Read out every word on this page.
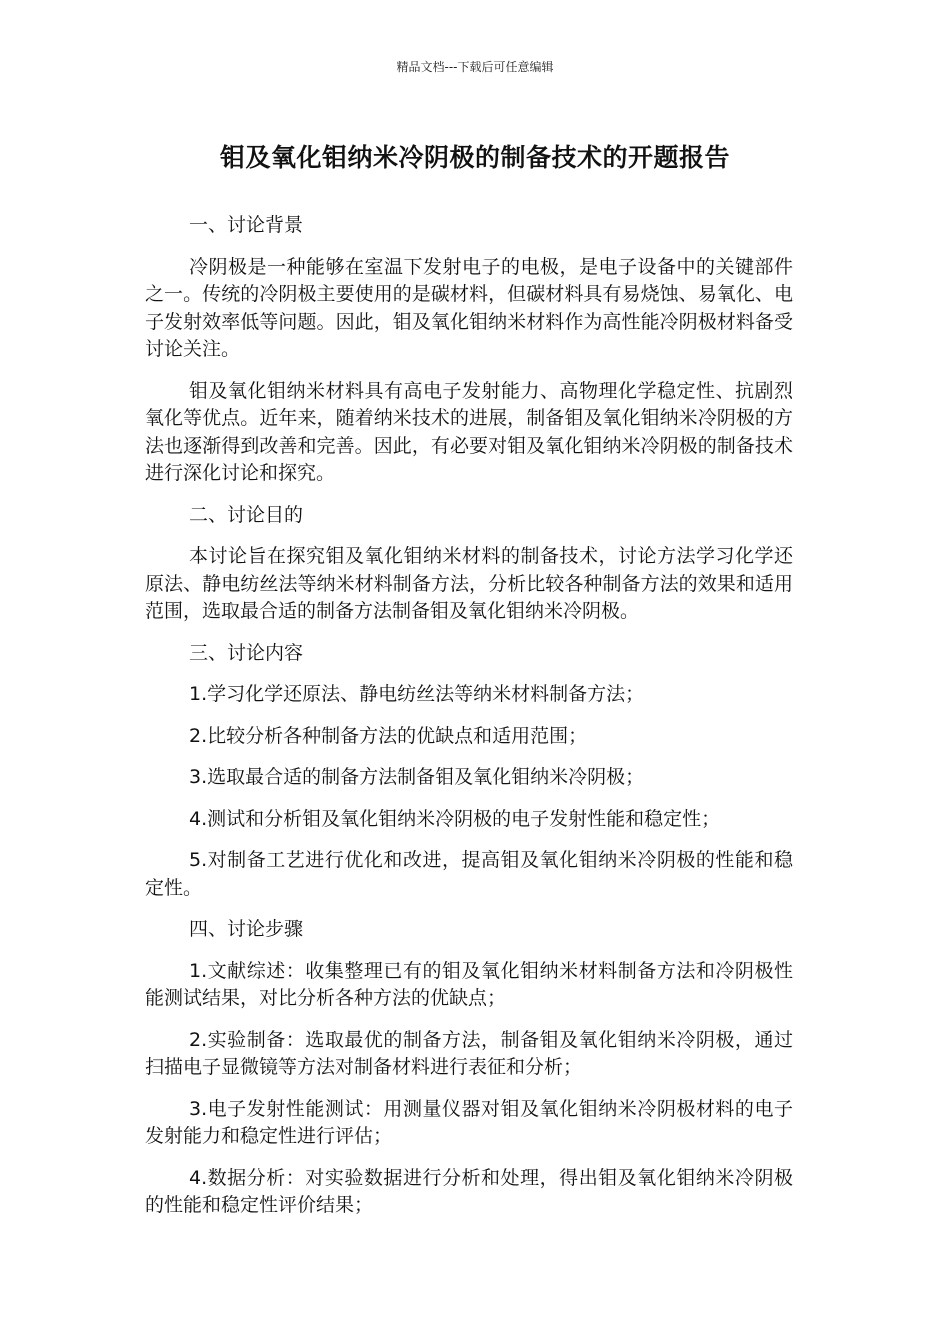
精品文档---下载后可任意编辑
钼及氧化钼纳米冷阴极的制备技术的开题报告

一、讨论背景

冷阴极是一种能够在室温下发射电子的电极，是电子设备中的关键部件之一。传统的冷阴极主要使用的是碳材料，但碳材料具有易烧蚀、易氧化、电子发射效率低等问题。因此，钼及氧化钼纳米材料作为高性能冷阴极材料备受讨论关注。

钼及氧化钼纳米材料具有高电子发射能力、高物理化学稳定性、抗剧烈氧化等优点。近年来，随着纳米技术的进展，制备钼及氧化钼纳米冷阴极的方法也逐渐得到改善和完善。因此，有必要对钼及氧化钼纳米冷阴极的制备技术进行深化讨论和探究。

二、讨论目的

本讨论旨在探究钼及氧化钼纳米材料的制备技术，讨论方法学习化学还原法、静电纺丝法等纳米材料制备方法，分析比较各种制备方法的效果和适用范围，选取最合适的制备方法制备钼及氧化钼纳米冷阴极。

三、讨论内容

1.学习化学还原法、静电纺丝法等纳米材料制备方法；

2.比较分析各种制备方法的优缺点和适用范围；

3.选取最合适的制备方法制备钼及氧化钼纳米冷阴极；

4.测试和分析钼及氧化钼纳米冷阴极的电子发射性能和稳定性；

5.对制备工艺进行优化和改进，提高钼及氧化钼纳米冷阴极的性能和稳定性。

四、讨论步骤

1.文献综述：收集整理已有的钼及氧化钼纳米材料制备方法和冷阴极性能测试结果，对比分析各种方法的优缺点；

2.实验制备：选取最优的制备方法，制备钼及氧化钼纳米冷阴极，通过扫描电子显微镜等方法对制备材料进行表征和分析；

3.电子发射性能测试：用测量仪器对钼及氧化钼纳米冷阴极材料的电子发射能力和稳定性进行评估；

4.数据分析：对实验数据进行分析和处理，得出钼及氧化钼纳米冷阴极的性能和稳定性评价结果；
